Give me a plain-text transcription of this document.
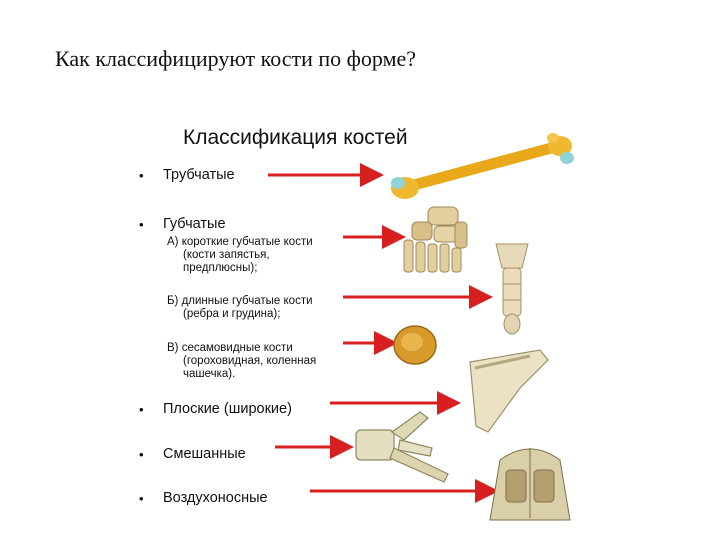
Как классифицируют кости по форме?
Классификация костей
• Трубчатые
• Губчатые
• Плоские (широкие)
• Смешанные
• Воздухоносные
А) короткие губчатые кости
(кости запястья,
предплюсны);
Б) длинные губчатые кости
(ребра и грудина);
В) сесамовидные кости
(гороховидная, коленная
чашечка).
